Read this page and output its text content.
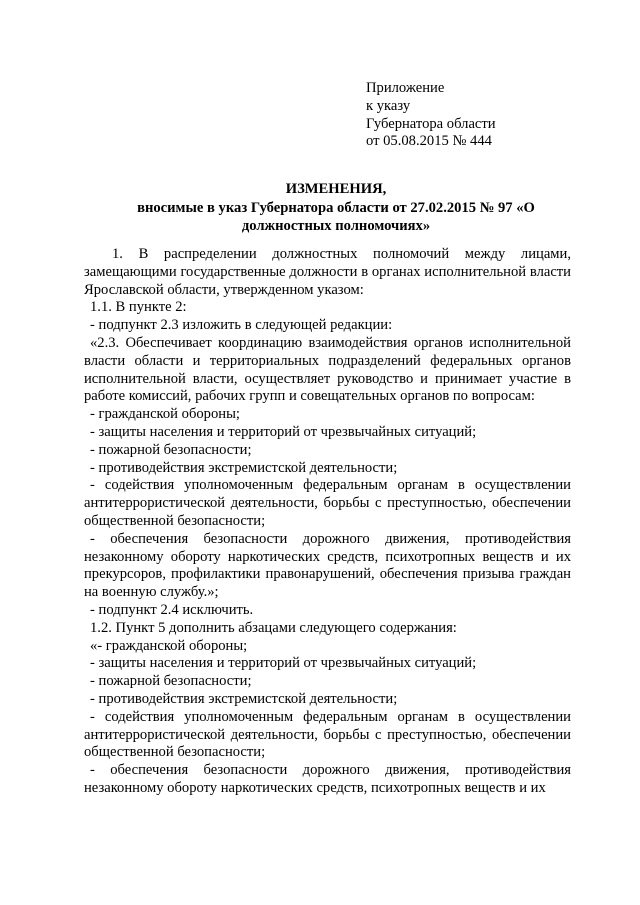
Приложение
к указу
Губернатора области
от 05.08.2015 № 444
ИЗМЕНЕНИЯ,
вносимые в указ Губернатора области от 27.02.2015 № 97 «О
должностных полномочиях»
1. В распределении должностных полномочий между лицами, замещающими государственные должности в органах исполнительной власти Ярославской области, утвержденном указом:
1.1. В пункте 2:
- подпункт 2.3 изложить в следующей редакции:
«2.3. Обеспечивает координацию взаимодействия органов исполнительной власти области и территориальных подразделений федеральных органов исполнительной власти, осуществляет руководство и принимает участие в работе комиссий, рабочих групп и совещательных органов по вопросам:
- гражданской обороны;
- защиты населения и территорий от чрезвычайных ситуаций;
- пожарной безопасности;
- противодействия экстремистской деятельности;
- содействия уполномоченным федеральным органам в осуществлении антитеррористической деятельности, борьбы с преступностью, обеспечении общественной безопасности;
- обеспечения безопасности дорожного движения, противодействия незаконному обороту наркотических средств, психотропных веществ и их прекурсоров, профилактики правонарушений, обеспечения призыва граждан на военную службу.»;
- подпункт 2.4 исключить.
1.2. Пункт 5 дополнить абзацами следующего содержания:
«- гражданской обороны;
- защиты населения и территорий от чрезвычайных ситуаций;
- пожарной безопасности;
- противодействия экстремистской деятельности;
- содействия уполномоченным федеральным органам в осуществлении антитеррористической деятельности, борьбы с преступностью, обеспечении общественной безопасности;
- обеспечения безопасности дорожного движения, противодействия незаконному обороту наркотических средств, психотропных веществ и их
